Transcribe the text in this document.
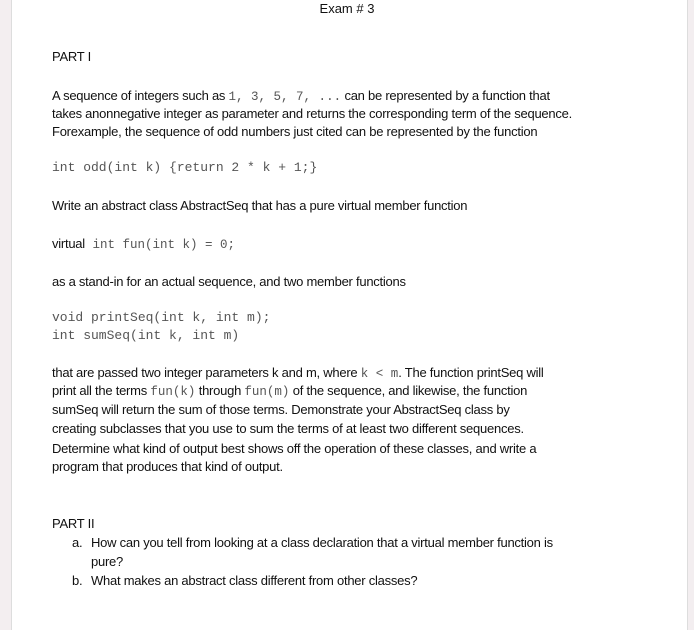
Exam # 3
PART I
A sequence of integers such as 1, 3, 5, 7, ... can be represented by a function that
takes anonnegative integer as parameter and returns the corresponding term of the sequence.
Forexample, the sequence of odd numbers just cited can be represented by the function
int odd(int k) {return 2 * k + 1;}
Write an abstract class AbstractSeq that has a pure virtual member function
virtual int fun(int k) = 0;
as a stand-in for an actual sequence, and two member functions
void printSeq(int k, int m);
int sumSeq(int k, int m)
that are passed two integer parameters k and m, where k < m. The function printSeq will
print all the terms fun(k) through fun(m) of the sequence, and likewise, the function
sumSeq will return the sum of those terms. Demonstrate your AbstractSeq class by
creating subclasses that you use to sum the terms of at least two different sequences.
Determine what kind of output best shows off the operation of these classes, and write a
program that produces that kind of output.
PART II
a. How can you tell from looking at a class declaration that a virtual member function is
pure?
b. What makes an abstract class different from other classes?
